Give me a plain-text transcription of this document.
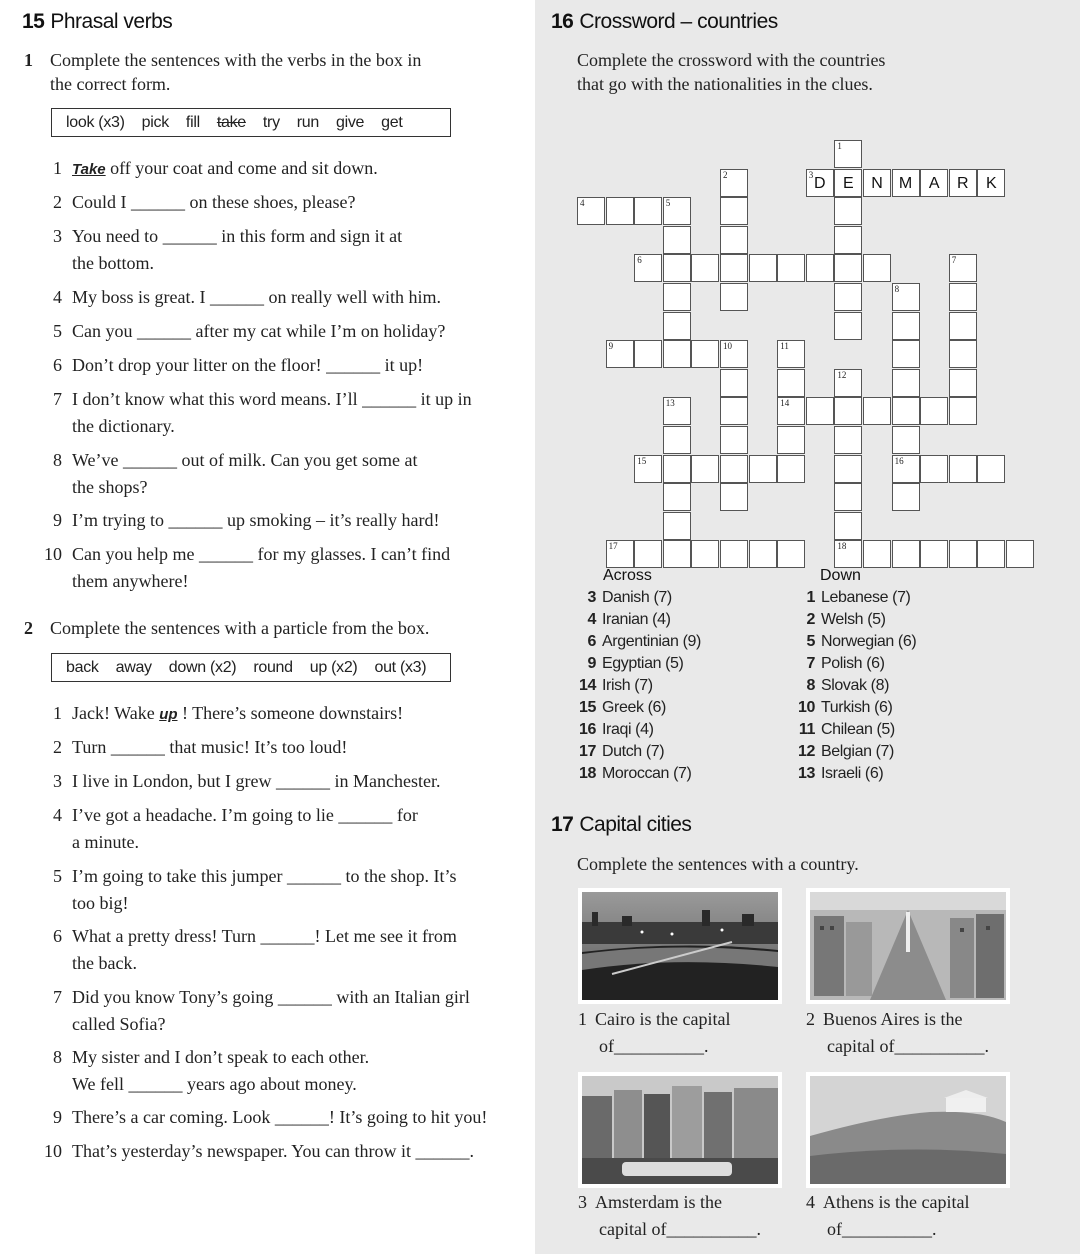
15 Phrasal verbs
1 Complete the sentences with the verbs in the box in
the correct form.
look (x3) pick fill take try run give get
1 Take off your coat and come and sit down.
2 Could I ______ on these shoes, please?
3 You need to ______ in this form and sign it at
the bottom.
4 My boss is great. I ______ on really well with him.
5 Can you ______ after my cat while I’m on holiday?
6 Don’t drop your litter on the floor! ______ it up!
7 I don’t know what this word means. I’ll ______ it up in
the dictionary.
8 We’ve ______ out of milk. Can you get some at
the shops?
9 I’m trying to ______ up smoking – it’s really hard!
10 Can you help me ______ for my glasses. I can’t find
them anywhere!
2 Complete the sentences with a particle from the box.
back away down (x2) round up (x2) out (x3)
1 Jack! Wake up ! There’s someone downstairs!
2 Turn ______ that music! It’s too loud!
3 I live in London, but I grew ______ in Manchester.
4 I’ve got a headache. I’m going to lie ______ for
a minute.
5 I’m going to take this jumper ______ to the shop. It’s
too big!
6 What a pretty dress! Turn ______! Let me see it from
the back.
7 Did you know Tony’s going ______ with an Italian girl
called Sofia?
8 My sister and I don’t speak to each other.
We fell ______ years ago about money.
9 There’s a car coming. Look ______! It’s going to hit you!
10 That’s yesterday’s newspaper. You can throw it ______.
16 Crossword – countries
Complete the crossword with the countries
that go with the nationalities in the clues.
3 D	E	N	M	A	R	K
1
2
4	5
6	7
8
16
9	10	11
14
12
18
13
15
17
Across	Down
3 Danish (7)
4 Iranian (4)
6 Argentinian (9)
9 Egyptian (5)
14 Irish (7)
15 Greek (6)
16 Iraqi (4)
17 Dutch (7)
18 Moroccan (7)
1 Lebanese (7)
2 Welsh (5)
5 Norwegian (6)
7 Polish (6)
8 Slovak (8)
10 Turkish (6)
11 Chilean (5)
12 Belgian (7)
13 Israeli (6)
17 Capital cities
Complete the sentences with a country.
1 Cairo is the capital
of__________.
2 Buenos Aires is the
capital of__________.
3 Amsterdam is the
capital of__________.
4 Athens is the capital
of__________.
